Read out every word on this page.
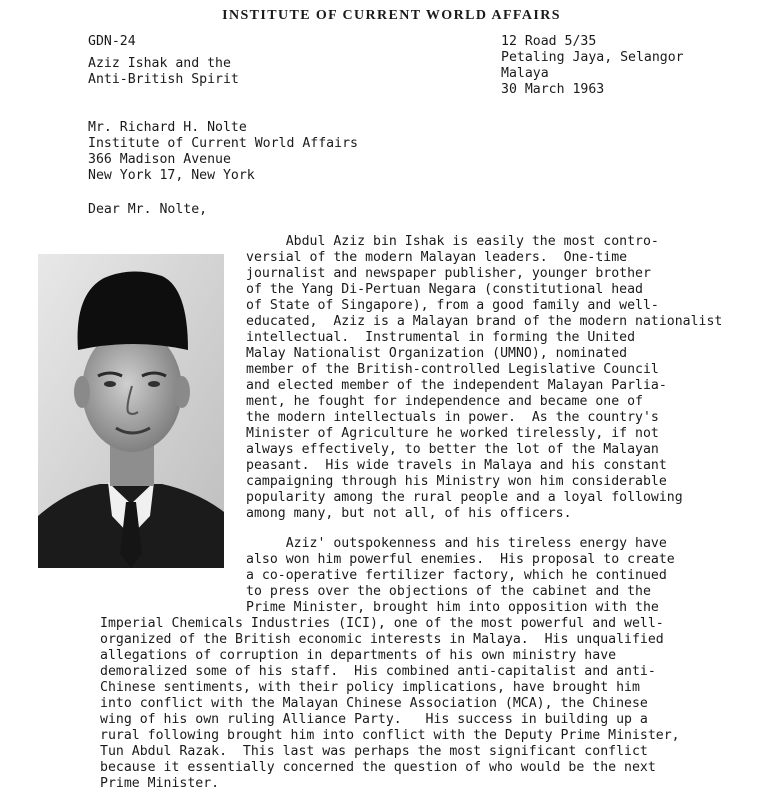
INSTITUTE OF CURRENT WORLD AFFAIRS
GDN-24
Aziz Ishak and the
Anti-British Spirit
12 Road 5/35
Petaling Jaya, Selangor
Malaya
30 March 1963
Mr. Richard H. Nolte
Institute of Current World Affairs
366 Madison Avenue
New York 17, New York
Dear Mr. Nolte,
Abdul Aziz bin Ishak is easily the most contro-
versial of the modern Malayan leaders.  One-time
journalist and newspaper publisher, younger brother
of the Yang Di-Pertuan Negara (constitutional head
of State of Singapore), from a good family and well-
educated,  Aziz is a Malayan brand of the modern nationalist
intellectual.  Instrumental in forming the United
Malay Nationalist Organization (UMNO), nominated
member of the British-controlled Legislative Council
and elected member of the independent Malayan Parlia-
ment, he fought for independence and became one of
the modern intellectuals in power.  As the country's
Minister of Agriculture he worked tirelessly, if not
always effectively, to better the lot of the Malayan
peasant.  His wide travels in Malaya and his constant
campaigning through his Ministry won him considerable
popularity among the rural people and a loyal following
among many, but not all, of his officers.
Aziz' outspokenness and his tireless energy have
also won him powerful enemies.  His proposal to create
a co-operative fertilizer factory, which he continued
to press over the objections of the cabinet and the
Prime Minister, brought him into opposition with the
Imperial Chemicals Industries (ICI), one of the most powerful and well-
organized of the British economic interests in Malaya.  His unqualified
allegations of corruption in departments of his own ministry have
demoralized some of his staff.  His combined anti-capitalist and anti-
Chinese sentiments, with their policy implications, have brought him
into conflict with the Malayan Chinese Association (MCA), the Chinese
wing of his own ruling Alliance Party.   His success in building up a
rural following brought him into conflict with the Deputy Prime Minister,
Tun Abdul Razak.  This last was perhaps the most significant conflict
because it essentially concerned the question of who would be the next
Prime Minister.
